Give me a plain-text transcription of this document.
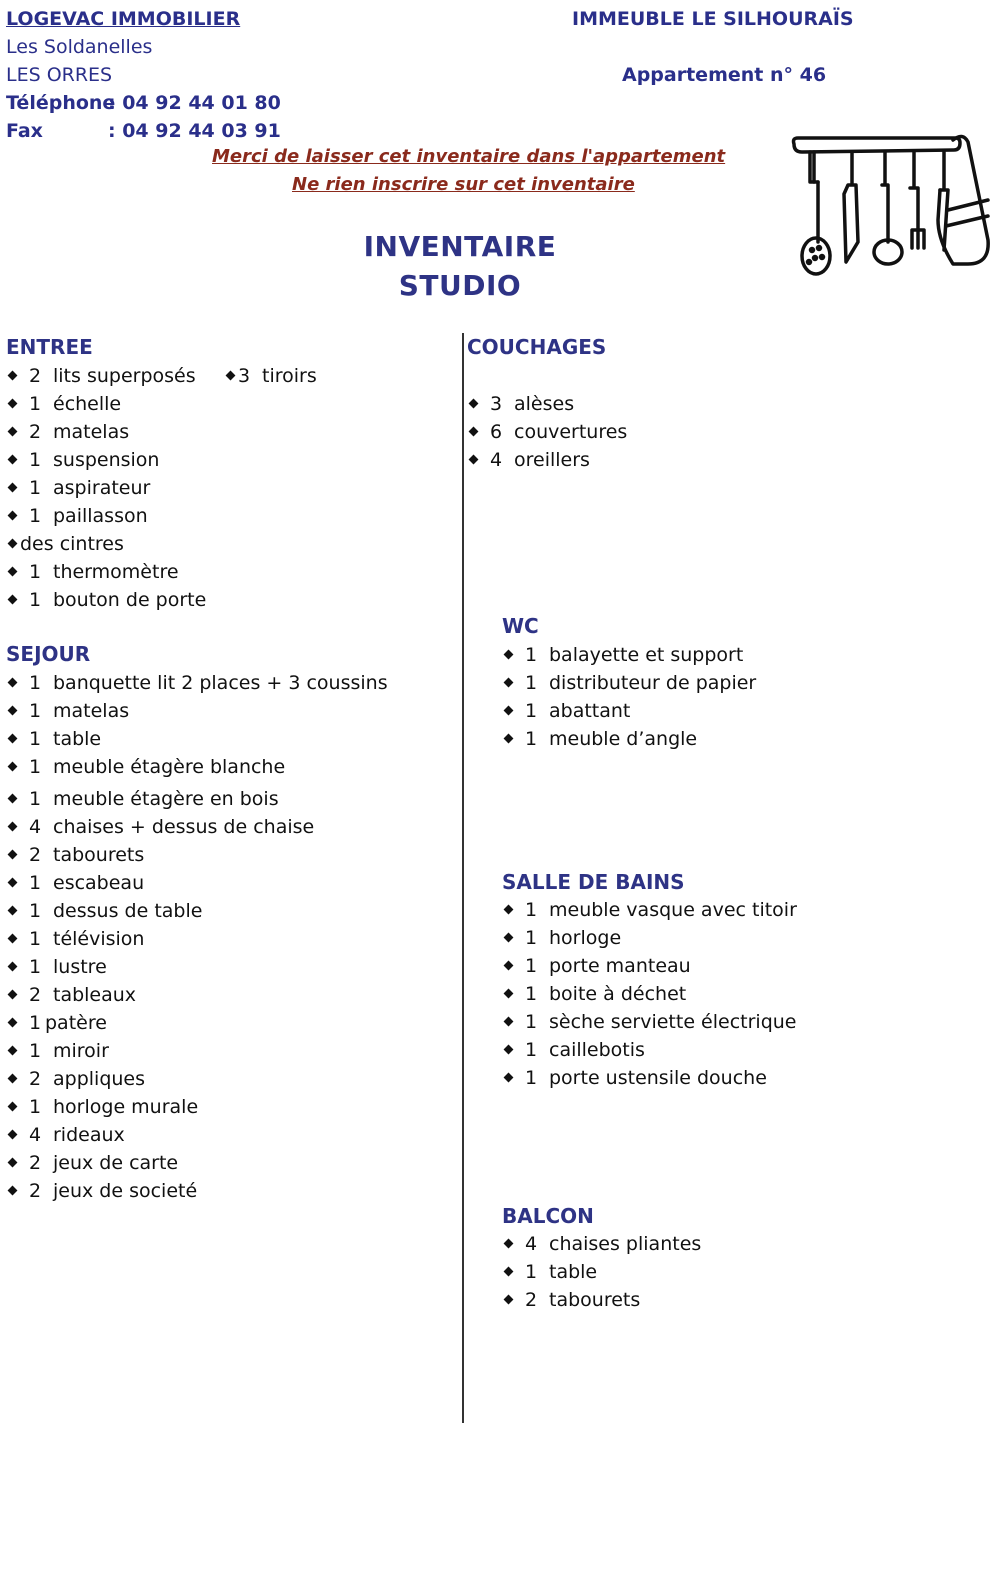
LOGEVAC IMMOBILIER
Les Soldanelles
LES ORRES
Téléphone
: 04 92 44 01 80
Fax	: 04 92 44 03 91
IMMEUBLE LE SILHOURAÏS
Appartement n° 46
Merci de laisser cet inventaire dans l'appartement
Ne rien inscrire sur cet inventaire
INVENTAIRE
STUDIO
ENTREE
2 lits superposés
1 échelle
2 matelas
1 suspension
1 aspirateur
1 paillasson
des cintres
1 thermomètre
1 bouton de porte
3 tiroirs
SEJOUR
1 banquette lit 2 places + 3 coussins
1 matelas
1 table
1 meuble étagère blanche
1 meuble étagère en bois
4 chaises + dessus de chaise
2 tabourets
1 escabeau
1 dessus de table
1 télévision
1 lustre
2 tableaux
1 patère
1 miroir
2 appliques
1 horloge murale
4 rideaux
2 jeux de carte
2 jeux de societé
COUCHAGES
3 alèses
6 couvertures
4 oreillers
WC
1 balayette et support
1 distributeur de papier
1 abattant
1 meuble d’angle
SALLE DE BAINS
1 meuble vasque avec titoir
1 horloge
1 porte manteau
1 boite à déchet
1 sèche serviette électrique
1 caillebotis
1 porte ustensile douche
BALCON
4 chaises pliantes
1 table
2 tabourets
